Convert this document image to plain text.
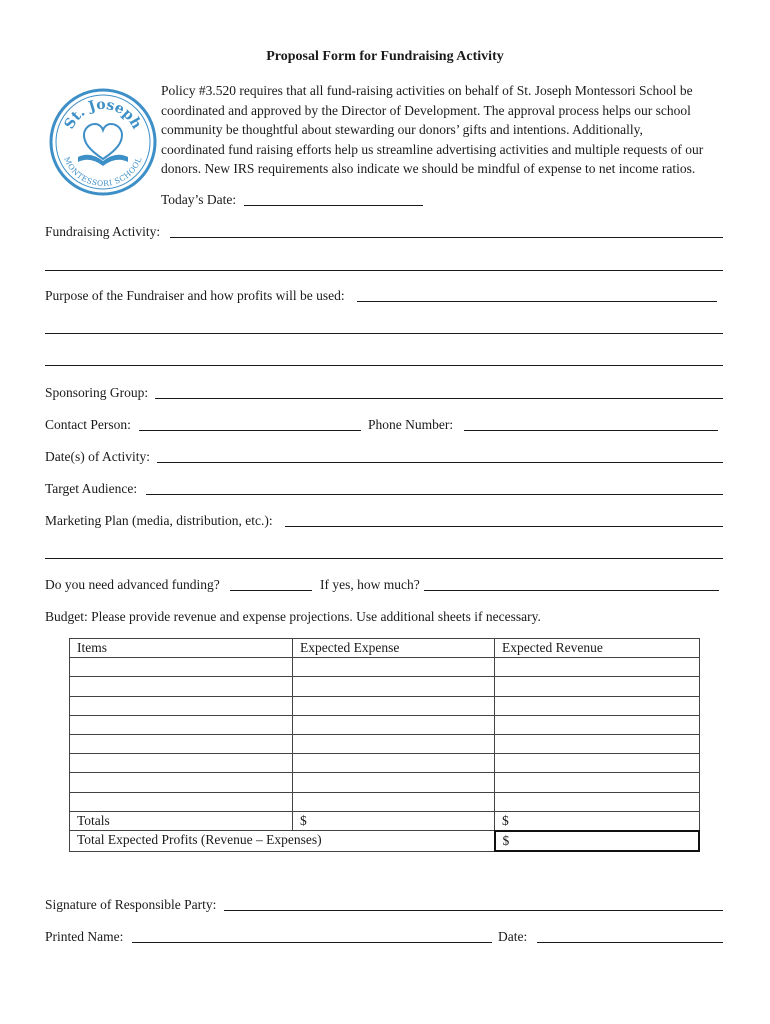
Proposal Form for Fundraising Activity
St. Joseph
MONTESSORI SCHOOL
Policy #3.520 requires that all fund-raising activities on behalf of St. Joseph Montessori School be
coordinated and approved by the Director of Development. The approval process helps our school
community be thoughtful about stewarding our donors’ gifts and intentions. Additionally,
coordinated fund raising efforts help us streamline advertising activities and multiple requests of our
donors. New IRS requirements also indicate we should be mindful of expense to net income ratios.
Today’s Date:
Fundraising Activity:
Purpose of the Fundraiser and how profits will be used:
Sponsoring Group:
Contact Person:	Phone Number:
Date(s) of Activity:
Target Audience:
Marketing Plan (media, distribution, etc.):
Do you need advanced funding?	If yes, how much?
Budget: Please provide revenue and expense projections. Use additional sheets if necessary.
Items	Expected Expense	Expected Revenue

Totals	$	$
Total Expected Profits (Revenue – Expenses)		$
Signature of Responsible Party:
Printed Name:	Date:
